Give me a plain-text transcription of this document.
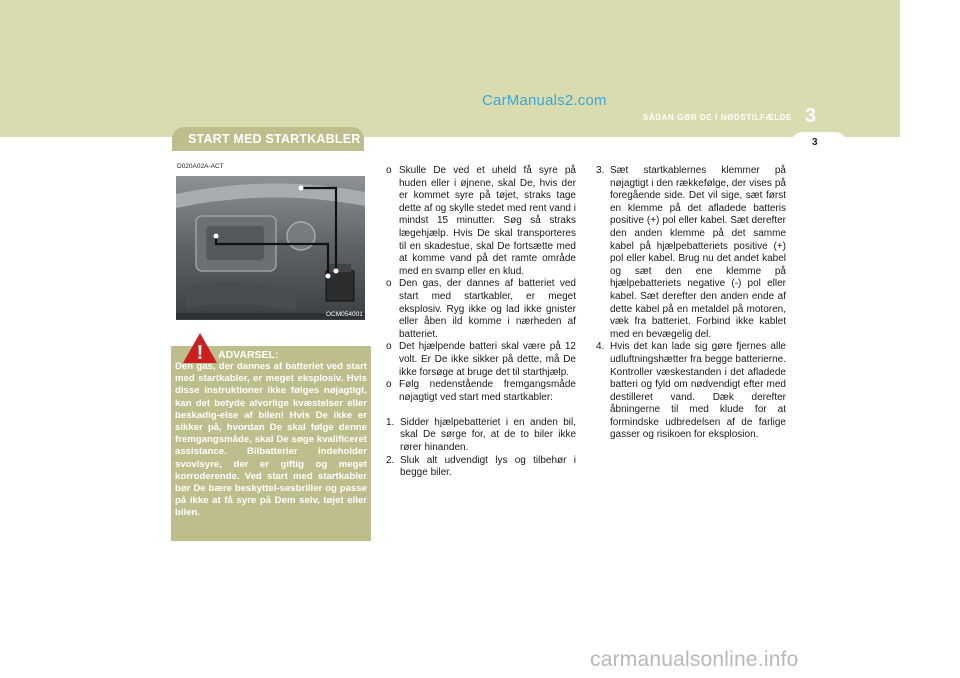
CarManuals2.com
SÅDAN GØR DE I NØDSTILFÆLDE 3
START MED STARTKABLER	3
D020A02A-ACT
OCM054001
! ADVARSEL:
Den gas, der dannes af batteriet ved start med startkabler, er meget eksplosiv. Hvis disse instruktioner ikke følges nøjagtigt, kan det betyde alvorlige kvæstelser eller beskadig-else af bilen! Hvis De ikke er sikker på, hvordan De skal følge denne fremgangsmåde, skal De søge kvalificeret assistance. Bilbatterier indeholder svovlsyre, der er giftig og meget korroderende. Ved start med startkabler bør De bære beskyttel-sesbriller og passe på ikke at få syre på Dem selv, tøjet eller bilen.
o Skulle De ved et uheld få syre på huden eller i øjnene, skal De, hvis der er kommet syre på tøjet, straks tage dette af og skylle stedet med rent vand i mindst 15 minutter. Søg så straks lægehjælp. Hvis De skal transporteres til en skadestue, skal De fortsætte med at komme vand på det ramte område med en svamp eller en klud.
o Den gas, der dannes af batteriet ved start med startkabler, er meget eksplosiv. Ryg ikke og lad ikke gnister eller åben ild komme i nærheden af batteriet.
o Det hjælpende batteri skal være på 12 volt. Er De ikke sikker på dette, må De ikke forsøge at bruge det til starthjælp.
o Følg nedenstående fremgangsmåde nøjagtigt ved start med startkabler:
1. Sidder hjælpebatteriet i en anden bil, skal De sørge for, at de to biler ikke rører hinanden.
2. Sluk alt udvendigt lys og tilbehør i begge biler.
3. Sæt startkablernes klemmer på nøjagtigt i den rækkefølge, der vises på foregående side. Det vil sige, sæt først en klemme på det afladede batteris positive (+) pol eller kabel. Sæt derefter den anden klemme på det samme kabel på hjælpebatteriets positive (+) pol eller kabel. Brug nu det andet kabel og sæt den ene klemme på hjælpebatteriets negative (-) pol eller kabel. Sæt derefter den anden ende af dette kabel på en metaldel på motoren, væk fra batteriet. Forbind ikke kablet med en bevægelig del.
4. Hvis det kan lade sig gøre fjernes alle udluftningshætter fra begge batterierne. Kontroller væskestanden i det afladede batteri og fyld om nødvendigt efter med destilleret vand. Dæk derefter åbningerne til med klude for at formindske udbredelsen af de farlige gasser og risikoen for eksplosion.
carmanualsonline.info
